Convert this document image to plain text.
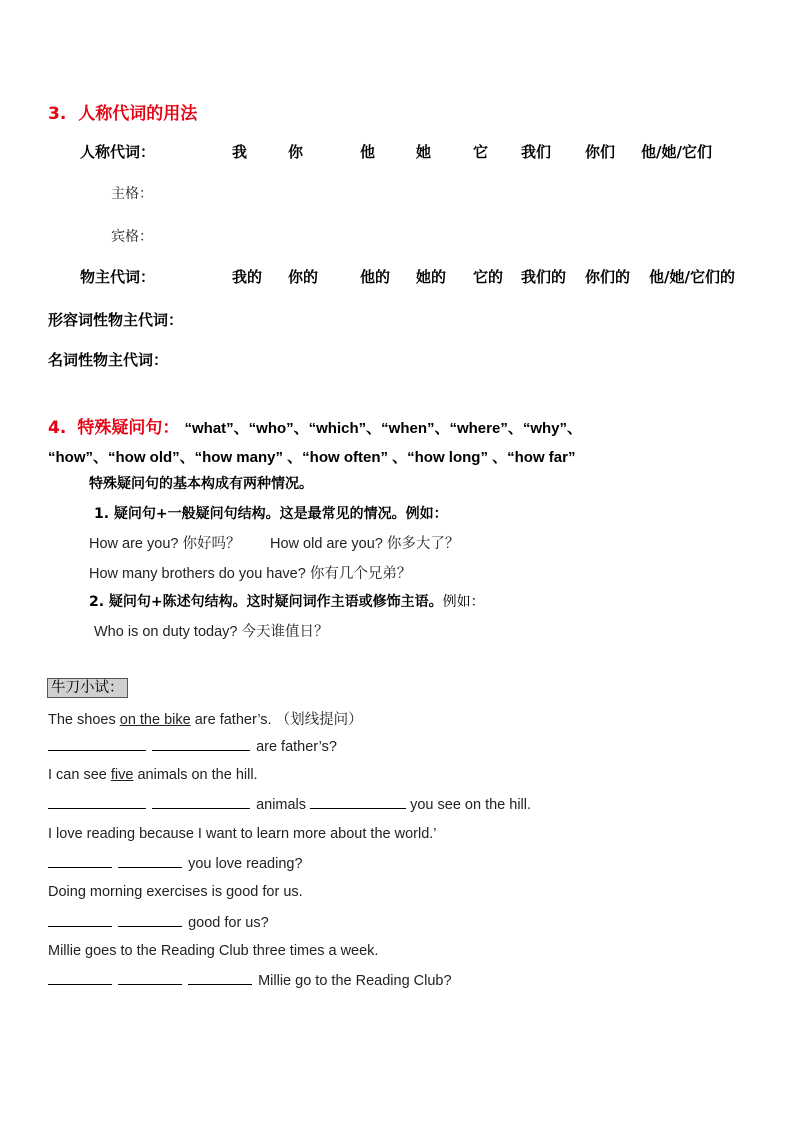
3. 人称代词的用法
人称代词：	我	你	他	她	它 我们 你们 他/她/它们
主格：
宾格：
物主代词：	我的 你的	他的 她的 它的 我们的 你们的 他/她/它们的
形容词性物主代词：
名词性物主代词：
4. 特殊疑问句： “what”、“who”、“which”、“when”、“where”、“why”、
“how”、“how old”、“how many” 、“how often” 、“how long” 、“how far”
特殊疑问句的基本构成有两种情况。
1. 疑问句+一般疑问句结构。这是最常见的情况。例如：
How are you? 你好吗？ How old are you? 你多大了？
How many brothers do you have? 你有几个兄弟？
2. 疑问句+陈述句结构。这时疑问词作主语或修饰主语。例如：
Who is on duty today? 今天谁值日？
牛刀小试：
The shoes on the bike are father’s. （划线提问）
are father’s?
I can see five animals on the hill.
animals	you see on the hill.
I love reading because I want to learn more about the world.’
you love reading?
Doing morning exercises is good for us.
good for us?
Millie goes to the Reading Club three times a week.
Millie go to the Reading Club?
